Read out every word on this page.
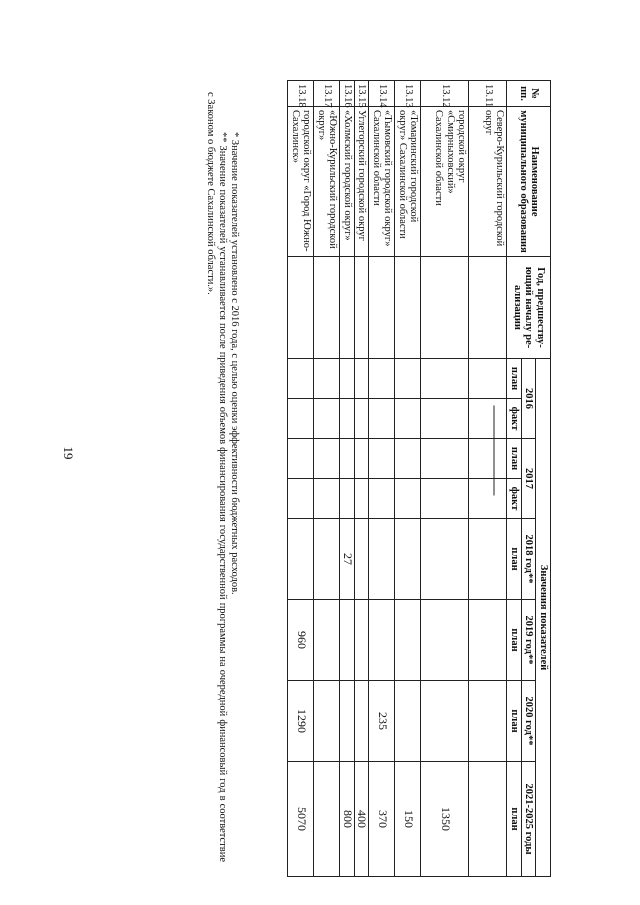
19
№ пп.	Наименование муниципального образования	Год, предшеству-ющий началу ре-ализации	Значения показателей							
			2016		2017		2018 год**	2019 год**	2020 год**	2021-2025 годы
			план	факт	план	факт	план	план	план	план
13.11	Северо-Курильский городской округ									
13.12	городской округ «Смирныховский» Сахалинской области									1350
13.13	«Томаринский городской округ» Сахалинской области									150
13.14	«Тымовский городской округ» Сахалинской области								235	370
13.15	Углегорский городской округ									400
13.16	«Холмский городской округ»						27			800
13.17	«Южно-Курильский городской округ»									
13.18	городской округ «Город Южно-Сахалинск»							960	1290	5070

* Значение показателей установлено с 2016 года, с целью оценки эффективности бюджетных расходов.

** Значение показателей устанавливается после приведения объемов финансирования государственной программы на очередной финансовый год в соответствие с Законом о бюджете Сахалинской области.».
